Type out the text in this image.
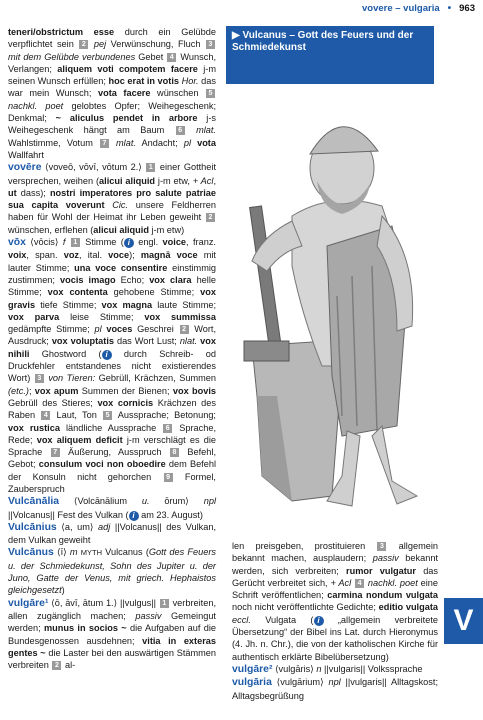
vovere – vulgaria • 963

teneri/obstrictum esse durch ein Gelübde verpflichtet sein 2 pej Verwünschung, Fluch 3 mit dem Gelübde verbundenes Gebet 4 Wunsch, Verlangen; aliquem voti compotem facere j-m seinen Wunsch erfüllen; hoc erat in votis Hor. das war mein Wunsch; vota facere wünschen 5 nachkl. poet gelobtes Opfer; Weihegeschenk; Denkmal; ~ aliculus pendet in arbore j-s Weihegeschenk hängt am Baum 6 mlat. Wahlstimme, Votum 7 mlat. Andacht; pl vota Wallfahrt

vovēre ⟨voveō, vōvī, vōtum 2.⟩ 1 einer Gottheit versprechen, weihen (alicui aliquid j-m etw, + Acl, ut dass); nostri imperatores pro salute patriae sua capita voverunt Cic. unsere Feldherren haben für Wohl der Heimat ihr Leben geweiht 2 wünschen, erflehen (alicui aliquid j-m etw)

vōx ⟨vōcis⟩ f 1 Stimme ( i engl. voice, franz. voix, span. voz, ital. voce); magnā voce mit lauter Stimme; una voce consentire einstimmig zustimmen; vocis imago Echo; vox clara helle Stimme; vox contenta gehobene Stimme; vox gravis tiefe Stimme; vox magna laute Stimme; vox parva leise Stimme; vox summissa gedämpfte Stimme; pl voces Geschrei 2 Wort, Ausdruck; vox voluptatis das Wort Lust; nlat. vox nihili Ghostword ( i durch Schreib- od Druckfehler entstandenes nicht existierendes Wort) 3 von Tieren: Gebrüll, Krächzen, Summen (etc.); vox apum Summen der Bienen; vox bovis Gebrüll des Stieres; vox cornicis Krächzen des Raben 4 Laut, Ton 5 Aussprache; Betonung; vox rustica ländliche Aussprache 6 Sprache, Rede; vox aliquem deficit j-m verschlägt es die Sprache 7 Äußerung, Ausspruch 8 Befehl, Gebot; consulum voci non oboedire dem Befehl der Konsuln nicht gehorchen 9 Formel, Zauberspruch

Vulcānālia ⟨Volcānālium u. ōrum⟩ npl ||Volcanus|| Fest des Vulkan ( i am 23. August)

Vulcānius ⟨a, um⟩ adj ||Volcanus|| des Vulkan, dem Vulkan geweiht

Vulcānus ⟨ī⟩ m MYTH Vulcanus (Gott des Feuers u. der Schmiedekunst, Sohn des Jupiter u. der Juno, Gatte der Venus, mit griech. Hephaistos gleichgesetzt)

vulgāre¹ ⟨ō, āvī, ātum 1.⟩ ||vulgus|| 1 verbreiten, allen zugänglich machen; passiv Gemeingut werden; munus in socios ~ die Aufgaben auf die Bundesgenossen ausdehnen; vitia in exteras gentes ~ die Laster bei den auswärtigen Stämmen verbreiten 2 al-

▶ Vulcanus – Gott des Feuers und der Schmiedekunst

len preisgeben, prostituieren 3 allgemein bekannt machen, ausplaudern; passiv bekannt werden, sich verbreiten; rumor vulgatur das Gerücht verbreitet sich, + Acl 4 nachkl. poet eine Schrift veröffentlichen; carmina nondum vulgata noch nicht veröffentlichte Gedichte; editio vulgata eccl. Vulgata ( i „allgemein verbreitete Übersetzung“ der Bibel ins Lat. durch Hieronymus (4. Jh. n. Chr.), die von der katholischen Kirche für authentisch erklärte Bibelübersetzung)

vulgāre² ⟨vulgāris⟩ n ||vulgaris|| Volkssprache

vulgāria ⟨vulgārium⟩ npl ||vulgaris|| Alltagskost; Alltagsbegrüßung

V
